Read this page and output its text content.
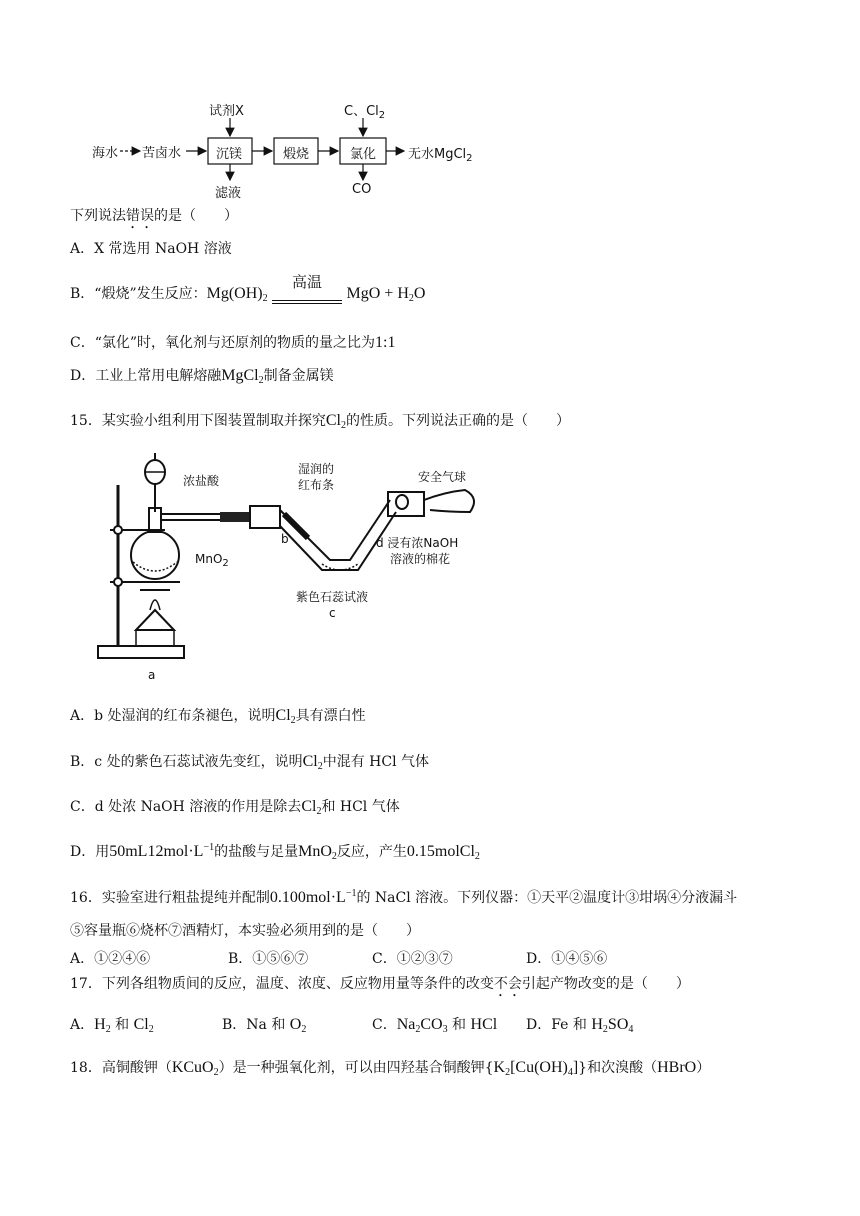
海水 苦卤水	沉镁	煅烧	氯化 无水MgCl$_2$
试剂X
滤液
C、$Cl_2$
CO
下列说法错误的是（　　）
A．X 常选用 NaOH 溶液
B．“煅烧”发生反应：$Mg(OH)_2$
高温
MgO + $H_2O$
C．“氯化”时，氧化剂与还原剂的物质的量之比为1:1
D．工业上常用电解熔融MgCl$_2$制备金属镁
15．某实验小组利用下图装置制取并探究$Cl_2$的性质。下列说法正确的是（　　）
浓盐酸
MnO$_2$
湿润的
红布条
安全气球
d 浸有浓NaOH
溶液的棉花
紫色石蕊试液
b
c
a
A．b 处湿润的红布条褪色，说明$Cl_2$具有漂白性
B．c 处的紫色石蕊试液先变红，说明$Cl_2$中混有 HCl 气体
C．d 处浓 NaOH 溶液的作用是除去$Cl_2$和 HCl 气体
D．用$50mL12mol\cdot L^{-1}$的盐酸与足量MnO$_2$反应，产生0.15molCl$_2$
16．实验室进行粗盐提纯并配制$0.100mol\cdot L^{-1}$的 NaCl 溶液。下列仪器：①天平②温度计③坩埚④分液漏斗
⑤容量瓶⑥烧杯⑦酒精灯，本实验必须用到的是（　　）
A．①②④⑥	B．①⑤⑥⑦	C．①②③⑦	D．①④⑤⑥
17．下列各组物质间的反应，温度、浓度、反应物用量等条件的改变不会引起产物改变的是（　　）
A．$H_2$ 和 $Cl_2$	B．Na 和 $O_2$	C．$Na_2CO_3$ 和 HCl D．Fe 和 $H_2SO_4$
18．高铜酸钾（KCuO$_2$）是一种强氧化剂，可以由四羟基合铜酸钾$\{K_2[Cu(OH)_4]\}$和次溴酸（HBrO）
